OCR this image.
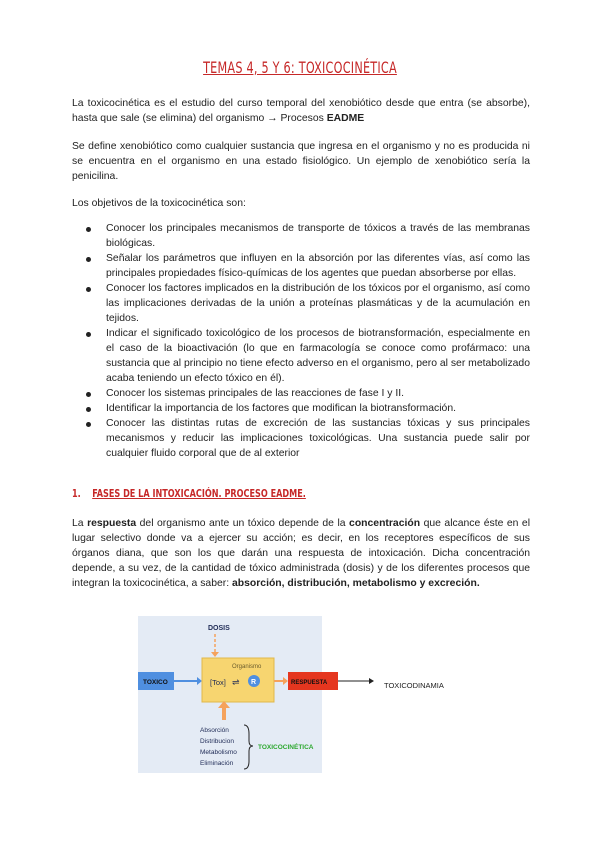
TEMAS 4, 5 Y 6: TOXICOCINÉTICA

La toxicocinética es el estudio del curso temporal del xenobiótico desde que entra (se absorbe), hasta que sale (se elimina) del organismo → Procesos EADME

Se define xenobiótico como cualquier sustancia que ingresa en el organismo y no es producida ni se encuentra en el organismo en una estado fisiológico. Un ejemplo de xenobiótico sería la penicilina.

Los objetivos de la toxicocinética son:

Conocer los principales mecanismos de transporte de tóxicos a través de las membranas biológicas.
Señalar los parámetros que influyen en la absorción por las diferentes vías, así como las principales propiedades físico-químicas de los agentes que puedan absorberse por ellas.
Conocer los factores implicados en la distribución de los tóxicos por el organismo, así como las implicaciones derivadas de la unión a proteínas plasmáticas y de la acumulación en tejidos.
Indicar el significado toxicológico de los procesos de biotransformación, especialmente en el caso de la bioactivación (lo que en farmacología se conoce como profármaco: una sustancia que al principio no tiene efecto adverso en el organismo, pero al ser metabolizado acaba teniendo un efecto tóxico en él).
Conocer los sistemas principales de las reacciones de fase I y II.
Identificar la importancia de los factores que modifican la biotransformación.
Conocer las distintas rutas de excreción de las sustancias tóxicas y sus principales mecanismos y reducir las implicaciones toxicológicas. Una sustancia puede salir por cualquier fluido corporal que de al exterior
1. FASES DE LA INTOXICACIÓN. PROCESO EADME.

La respuesta del organismo ante un tóxico depende de la concentración que alcance éste en el lugar selectivo donde va a ejercer su acción; es decir, en los receptores específicos de sus órganos diana, que son los que darán una respuesta de intoxicación. Dicha concentración depende, a su vez, de la cantidad de tóxico administrada (dosis) y de los diferentes procesos que integran la toxicocinética, a saber: absorción, distribución, metabolismo y excreción.

DOSIS
TOXICO
Organismo
[Tox] ⇌ R	RESPUESTA	TOXICODINAMIA
Absorción
Distribucion
Metabolismo
Eliminación
TOXICOCINÉTICA
